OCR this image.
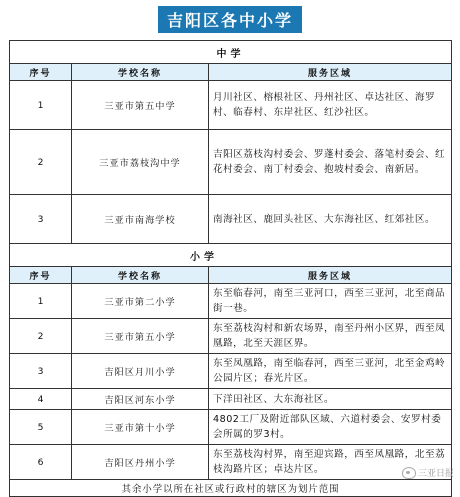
吉阳区各中小学
中学		
序号	学校名称	服务区域
1	三亚市第五中学	月川社区、榕根社区、丹州社区、卓达社区、海罗村、临春村、东岸社区、红沙社区。
2	三亚市荔枝沟中学	吉阳区荔枝沟村委会、罗蓬村委会、落笔村委会、红花村委会、南丁村委会、抱坡村委会、南新居。
3	三亚市南海学校	南海社区、鹿回头社区、大东海社区、红郊社区。
小学		
序号	学校名称	服务区域
1	三亚市第二小学	东至临春河，南至三亚河口，西至三亚河，北至商品街一巷。
2	三亚市第五小学	东至荔枝沟村和新农场界，南至丹州小区界，西至凤凰路，北至天涯区界。
3	吉阳区月川小学	东至凤凰路，南至临春河，西至三亚河，北至金鸡岭公园片区；春光片区。
4	吉阳区河东小学	下洋田社区、大东海社区。
5	三亚市第十小学	4802工厂及附近部队区域、六道村委会、安罗村委会所属的罗3村。
6	吉阳区丹州小学	东至荔枝沟村界，南至迎宾路，西至凤凰路，北至荔枝沟路片区；卓达片区。
其余小学以所在社区或行政村的辖区为划片范围		
三亚日报
